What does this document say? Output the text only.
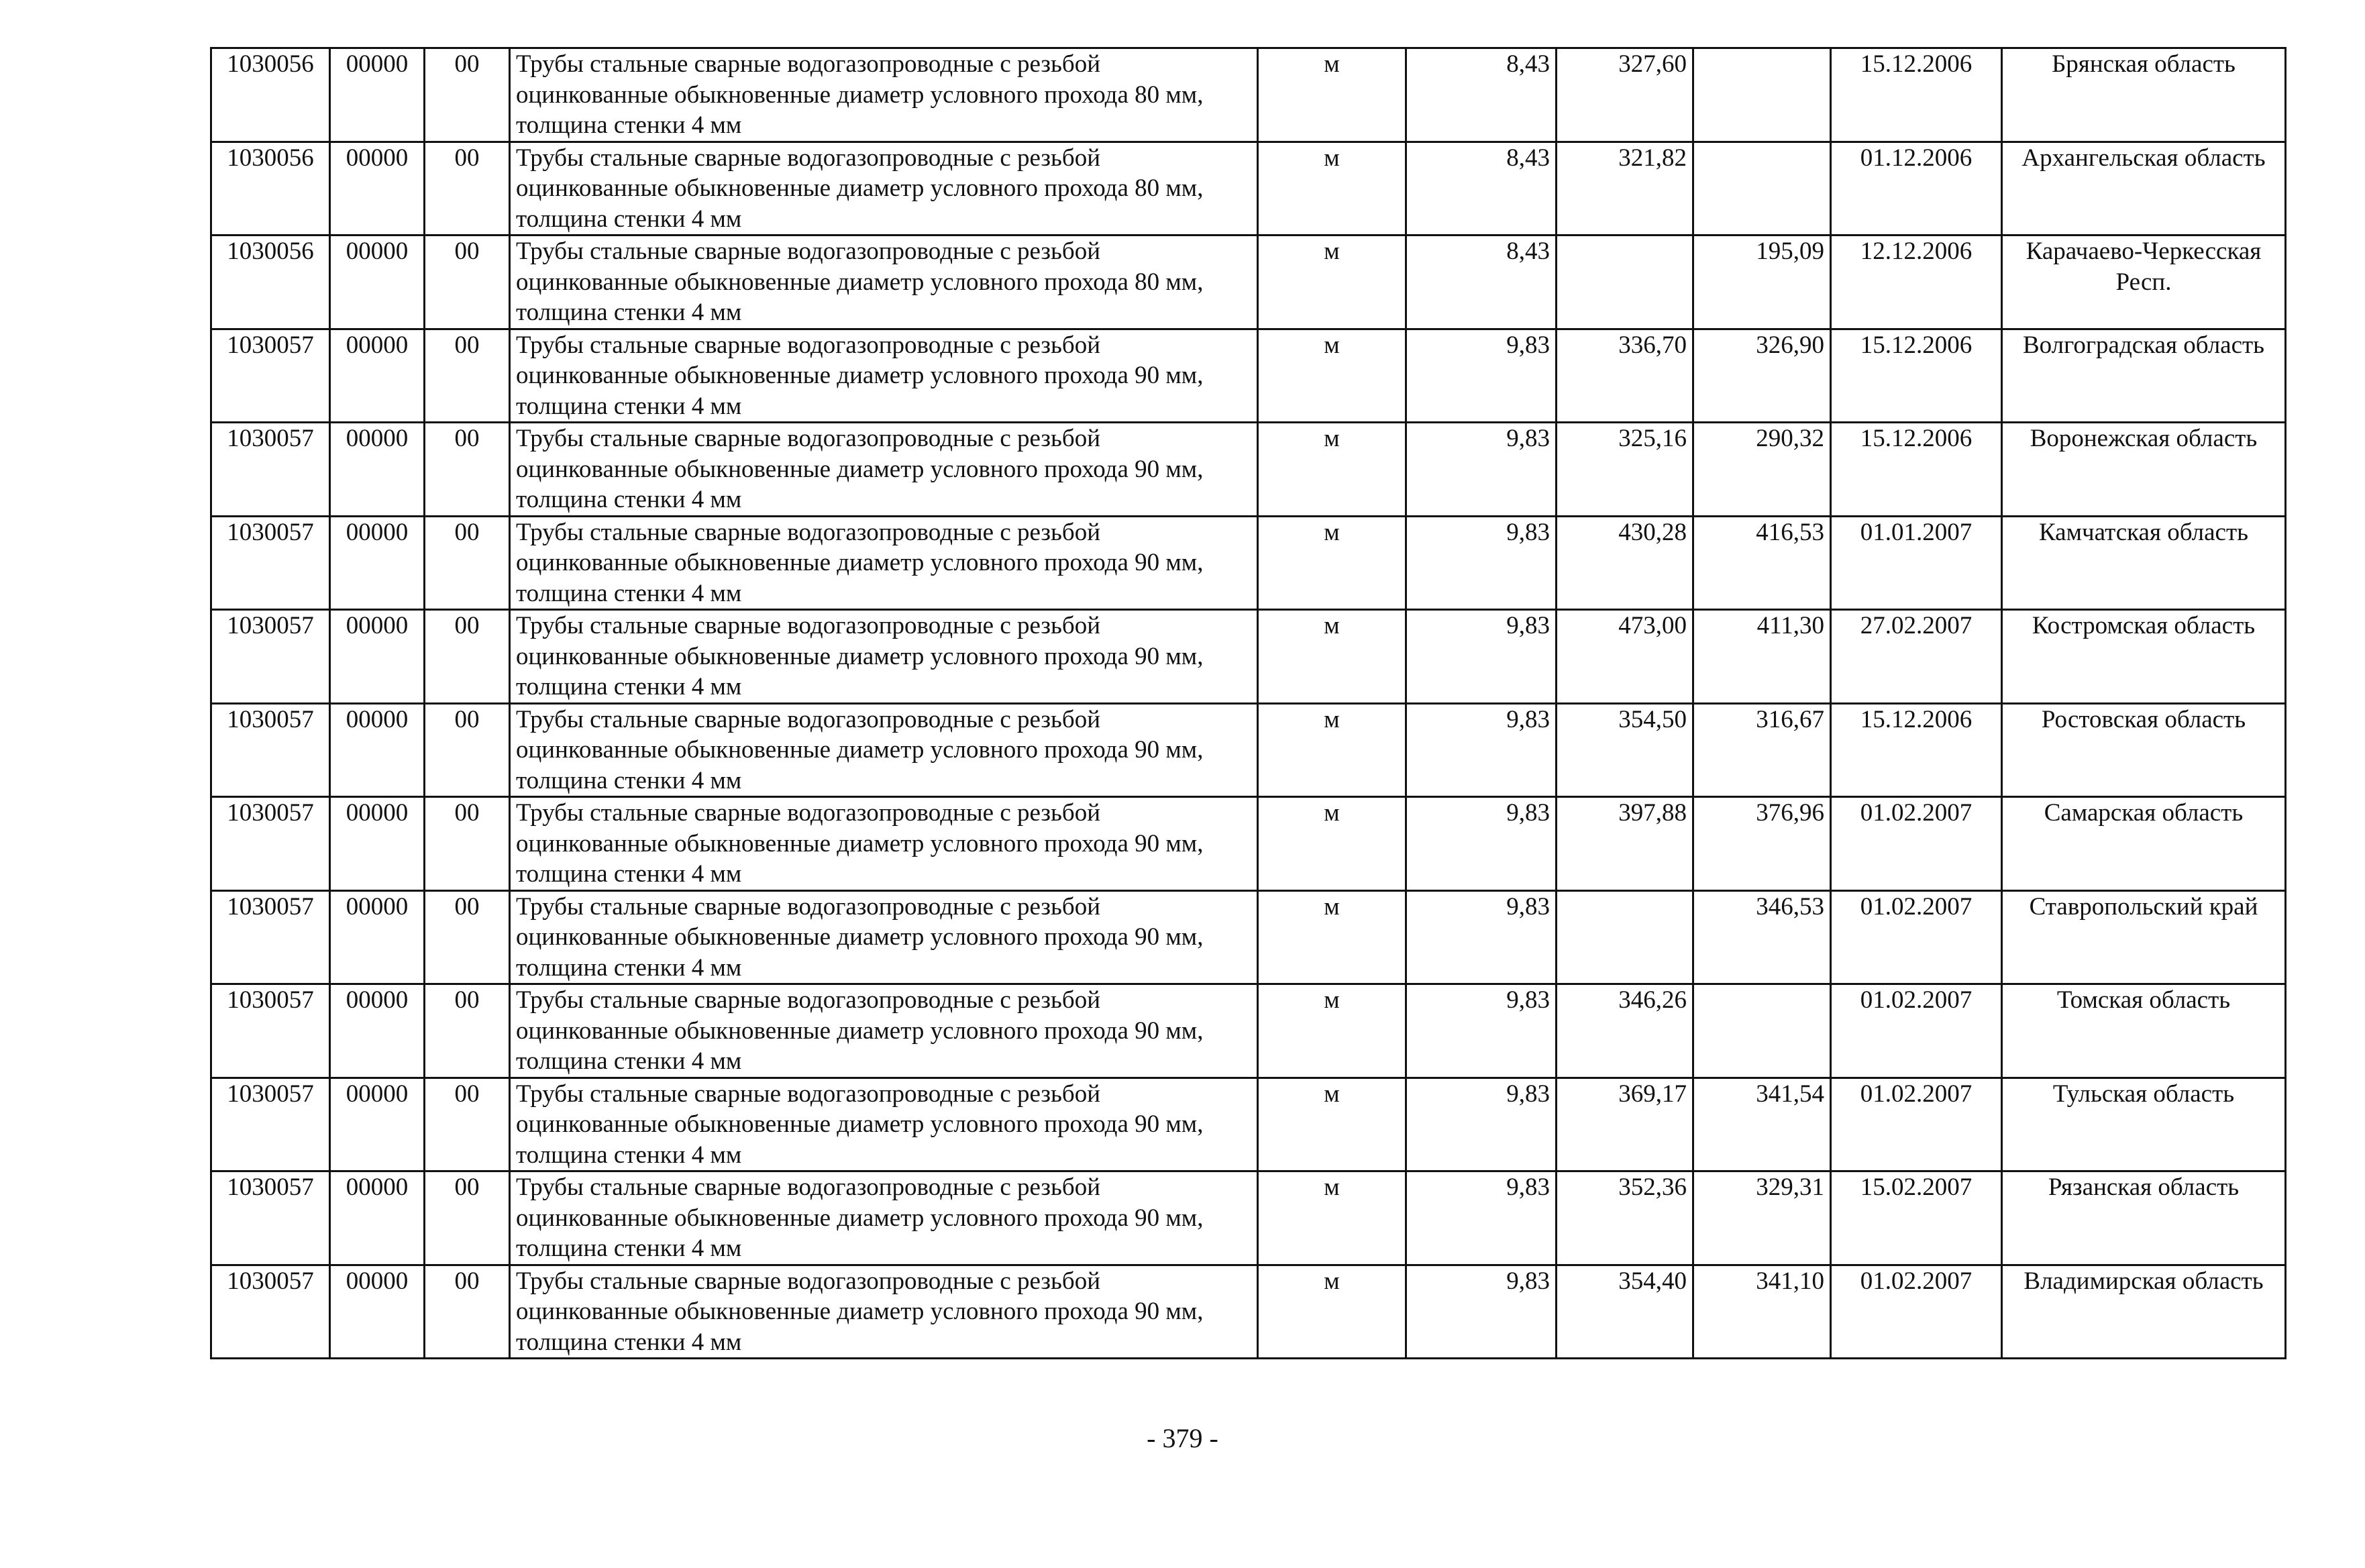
1030056	00000	00	Трубы стальные сварные водогазопроводные с резьбой оцинкованные обыкновенные диаметр условного прохода 80 мм, толщина стенки 4 мм	м	8,43	327,60		15.12.2006	Брянская область
1030056	00000	00	Трубы стальные сварные водогазопроводные с резьбой оцинкованные обыкновенные диаметр условного прохода 80 мм, толщина стенки 4 мм	м	8,43	321,82		01.12.2006	Архангельская область
1030056	00000	00	Трубы стальные сварные водогазопроводные с резьбой оцинкованные обыкновенные диаметр условного прохода 80 мм, толщина стенки 4 мм	м	8,43		195,09	12.12.2006	Карачаево-Черкесская Респ.
1030057	00000	00	Трубы стальные сварные водогазопроводные с резьбой оцинкованные обыкновенные диаметр условного прохода 90 мм, толщина стенки 4 мм	м	9,83	336,70	326,90	15.12.2006	Волгоградская область
1030057	00000	00	Трубы стальные сварные водогазопроводные с резьбой оцинкованные обыкновенные диаметр условного прохода 90 мм, толщина стенки 4 мм	м	9,83	325,16	290,32	15.12.2006	Воронежская область
1030057	00000	00	Трубы стальные сварные водогазопроводные с резьбой оцинкованные обыкновенные диаметр условного прохода 90 мм, толщина стенки 4 мм	м	9,83	430,28	416,53	01.01.2007	Камчатская область
1030057	00000	00	Трубы стальные сварные водогазопроводные с резьбой оцинкованные обыкновенные диаметр условного прохода 90 мм, толщина стенки 4 мм	м	9,83	473,00	411,30	27.02.2007	Костромская область
1030057	00000	00	Трубы стальные сварные водогазопроводные с резьбой оцинкованные обыкновенные диаметр условного прохода 90 мм, толщина стенки 4 мм	м	9,83	354,50	316,67	15.12.2006	Ростовская область
1030057	00000	00	Трубы стальные сварные водогазопроводные с резьбой оцинкованные обыкновенные диаметр условного прохода 90 мм, толщина стенки 4 мм	м	9,83	397,88	376,96	01.02.2007	Самарская область
1030057	00000	00	Трубы стальные сварные водогазопроводные с резьбой оцинкованные обыкновенные диаметр условного прохода 90 мм, толщина стенки 4 мм	м	9,83		346,53	01.02.2007	Ставропольский край
1030057	00000	00	Трубы стальные сварные водогазопроводные с резьбой оцинкованные обыкновенные диаметр условного прохода 90 мм, толщина стенки 4 мм	м	9,83	346,26		01.02.2007	Томская область
1030057	00000	00	Трубы стальные сварные водогазопроводные с резьбой оцинкованные обыкновенные диаметр условного прохода 90 мм, толщина стенки 4 мм	м	9,83	369,17	341,54	01.02.2007	Тульская область
1030057	00000	00	Трубы стальные сварные водогазопроводные с резьбой оцинкованные обыкновенные диаметр условного прохода 90 мм, толщина стенки 4 мм	м	9,83	352,36	329,31	15.02.2007	Рязанская область
1030057	00000	00	Трубы стальные сварные водогазопроводные с резьбой оцинкованные обыкновенные диаметр условного прохода 90 мм, толщина стенки 4 мм	м	9,83	354,40	341,10	01.02.2007	Владимирская область
- 379 -
